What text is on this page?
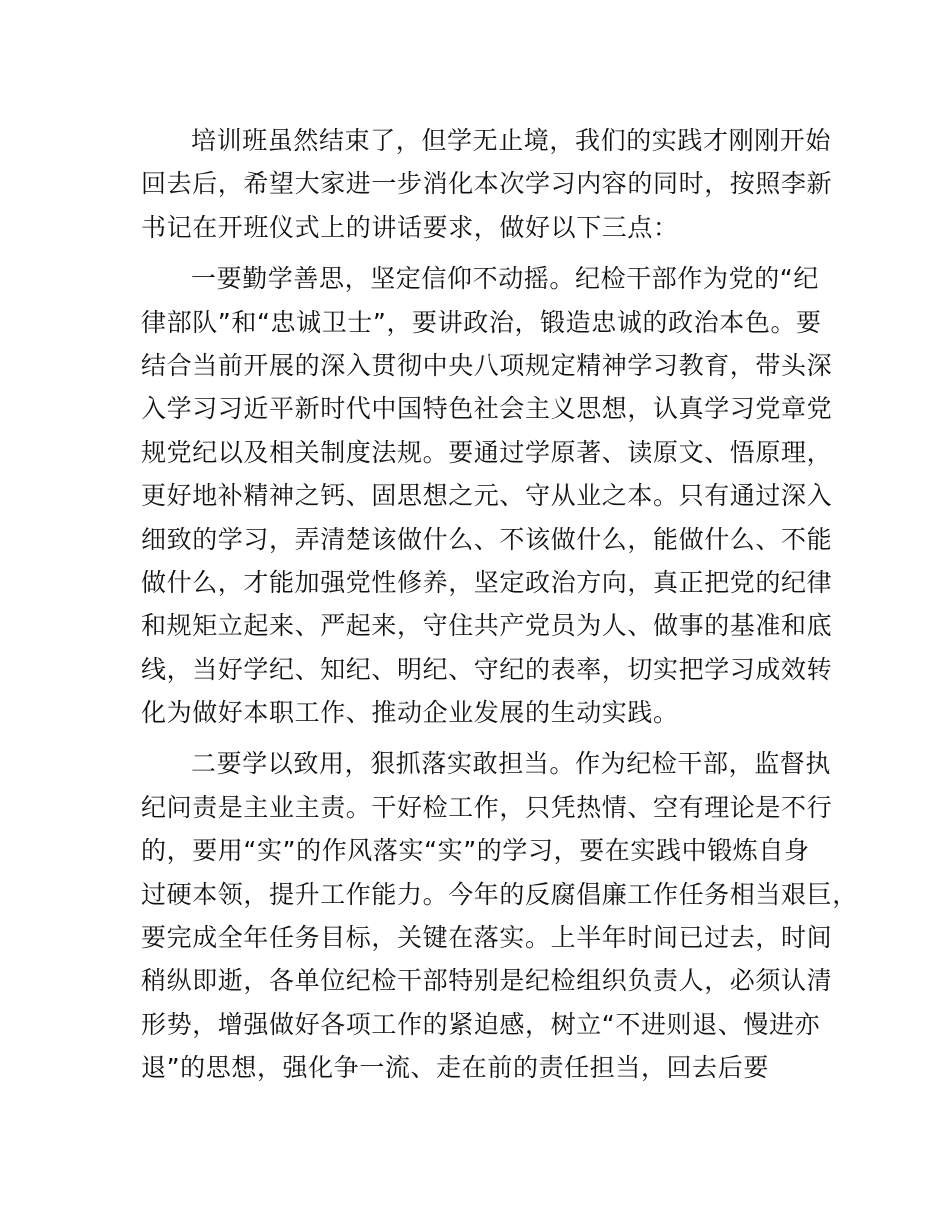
培训班虽然结束了，但学无止境，我们的实践才刚刚开始
回去后，希望大家进一步消化本次学习内容的同时，按照李新
书记在开班仪式上的讲话要求，做好以下三点：
一要勤学善思，坚定信仰不动摇。纪检干部作为党的“纪
律部队”和“忠诚卫士”，要讲政治，锻造忠诚的政治本色。要
结合当前开展的深入贯彻中央八项规定精神学习教育，带头深
入学习习近平新时代中国特色社会主义思想，认真学习党章党
规党纪以及相关制度法规。要通过学原著、读原文、悟原理，
更好地补精神之钙、固思想之元、守从业之本。只有通过深入
细致的学习，弄清楚该做什么、不该做什么，能做什么、不能
做什么，才能加强党性修养，坚定政治方向，真正把党的纪律
和规矩立起来、严起来，守住共产党员为人、做事的基准和底
线，当好学纪、知纪、明纪、守纪的表率，切实把学习成效转
化为做好本职工作、推动企业发展的生动实践。
二要学以致用，狠抓落实敢担当。作为纪检干部，监督执
纪问责是主业主责。干好检工作，只凭热情、空有理论是不行
的，要用“实”的作风落实“实”的学习，要在实践中锻炼自身
过硬本领，提升工作能力。今年的反腐倡廉工作任务相当艰巨，
要完成全年任务目标，关键在落实。上半年时间已过去，时间
稍纵即逝，各单位纪检干部特别是纪检组织负责人，必须认清
形势，增强做好各项工作的紧迫感，树立“不进则退、慢进亦
退”的思想，强化争一流、走在前的责任担当，回去后要
